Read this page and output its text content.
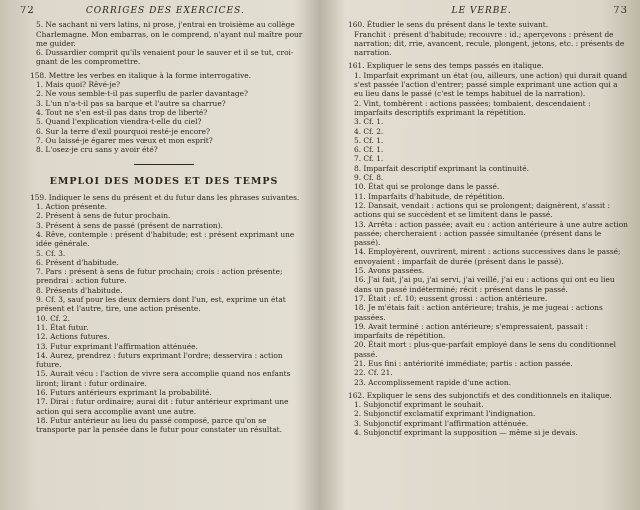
72	CORRIGÉS DES EXERCICES.

5. Ne sachant ni vers latins, ni prose, j'entrai en troisième au collège Charlemagne. Mon embarras, on le comprend, n'ayant nul maître pour me guider.

6. Dussardier comprit qu'ils venaient pour le sauver et il se tut, croi-gnant de les compromettre.

158. Mettre les verbes en italique à la forme interrogative.

1. Mais quoi? Rêvé-je?

2. Ne vous semble-t-il pas superflu de parler davantage?

3. L'un n'a-t-il pas sa barque et l'autre sa charrue?

4. Tout ne s'en est-il pas dans trop de liberté?

5. Quand l'explication viendra-t-elle du ciel?

6. Sur la terre d'exil pourquoi resté-je encore?

7. Ou laissé-je égarer mes vœux et mon esprit?

8. L'osez-je cru sans y avoir été?

EMPLOI DES MODES ET DES TEMPS

159. Indiquer le sens du présent et du futur dans les phrases suivantes.

1. Action présente.

2. Présent à sens de futur prochain.

3. Présent à sens de passé (présent de narration).

4. Rêve, contemple : présent d'habitude; est : présent exprimant une idée générale.

5. Cf. 3.

6. Présent d'habitude.

7. Pars : présent à sens de futur prochain; crois : action présente; prendrai : action future.

8. Présents d'habitude.

9. Cf. 3, sauf pour les deux derniers dont l'un, est, exprime un état présent et l'autre, tire, une action présente.

10. Cf. 2.

11. État futur.

12. Actions futures.

13. Futur exprimant l'affirmation atténuée.

14. Aurez, prendrez : futurs exprimant l'ordre; desservira : action future.

15. Aurait vécu : l'action de vivre sera accomplie quand nos enfants liront; lirant : futur ordinaire.

16. Futurs antérieurs exprimant la probabilité.

17. Dirai : futur ordinaire; aurai dit : futur antérieur exprimant une action qui sera accomplie avant une autre.

18. Futur antérieur au lieu du passé composé, parce qu'on se transporte par la pensée dans le futur pour constater un résultat.

LE VERBE.	73

160. Étudier le sens du présent dans le texte suivant.

Franchit : présent d'habitude; recouvre : id.; aperçevons : présent de narration; dit, rrie, avancent, recule, plongent, jetons, etc. : présents de narration.

161. Expliquer le sens des temps passés en italique.

1. Imparfait exprimant un état (ou, ailleurs, une action) qui durait quand s'est passée l'action d'entrer; passé simple exprimant une action qui a eu lieu dans le passé (c'est le temps habituel de la narration).

2. Vint, tombèrent : actions passées; tombaient, descendaient : imparfaits descriptifs exprimant la répétition.

3. Cf. 1.

4. Cf. 2.

5. Cf. 1.

6. Cf. 1.

7. Cf. 1.

8. Imparfait descriptif exprimant la continuité.

9. Cf. 8.

10. État qui se prolonge dans le passé.

11. Imparfaits d'habitude, de répétition.

12. Dansait, vendait : actions qui se prolongent; daignèrent, s'assit : actions qui se succèdent et se limitent dans le passé.

13. Arrêta : action passée; avait eu : action antérieure à une autre action passée; chercheraient : action passée simultanée (présent dans le passé).

14. Employèrent, ouvrirent, mirent : actions successives dans le passé; envoyaient : imparfait de durée (présent dans le passé).

15. Avons passées.

16. J'ai fait, j'ai pu, j'ai servi, j'ai veillé, j'ai eu : actions qui ont eu lieu dans un passé indéterminé; récit : présent dans le passé.

17. Était : cf. 10; eussent grossi : action antérieure.

18. Je m'étais fait : action antérieure; trahis, je me jugeai : actions passées.

19. Avait terminé : action antérieure; s'empressaient, passait : imparfaits de répétition.

20. Était mort : plus-que-parfait employé dans le sens du conditionnel passé.

21. Eus fini : antériorité immédiate; partis : action passée.

22. Cf. 21.

23. Accomplissement rapide d'une action.

162. Expliquer le sens des subjonctifs et des conditionnels en italique.

1. Subjonctif exprimant le souhait.

2. Subjonctif exclamatif exprimant l'indignation.

3. Subjonctif exprimant l'affirmation atténuée.

4. Subjonctif exprimant la supposition — même si je devais.
